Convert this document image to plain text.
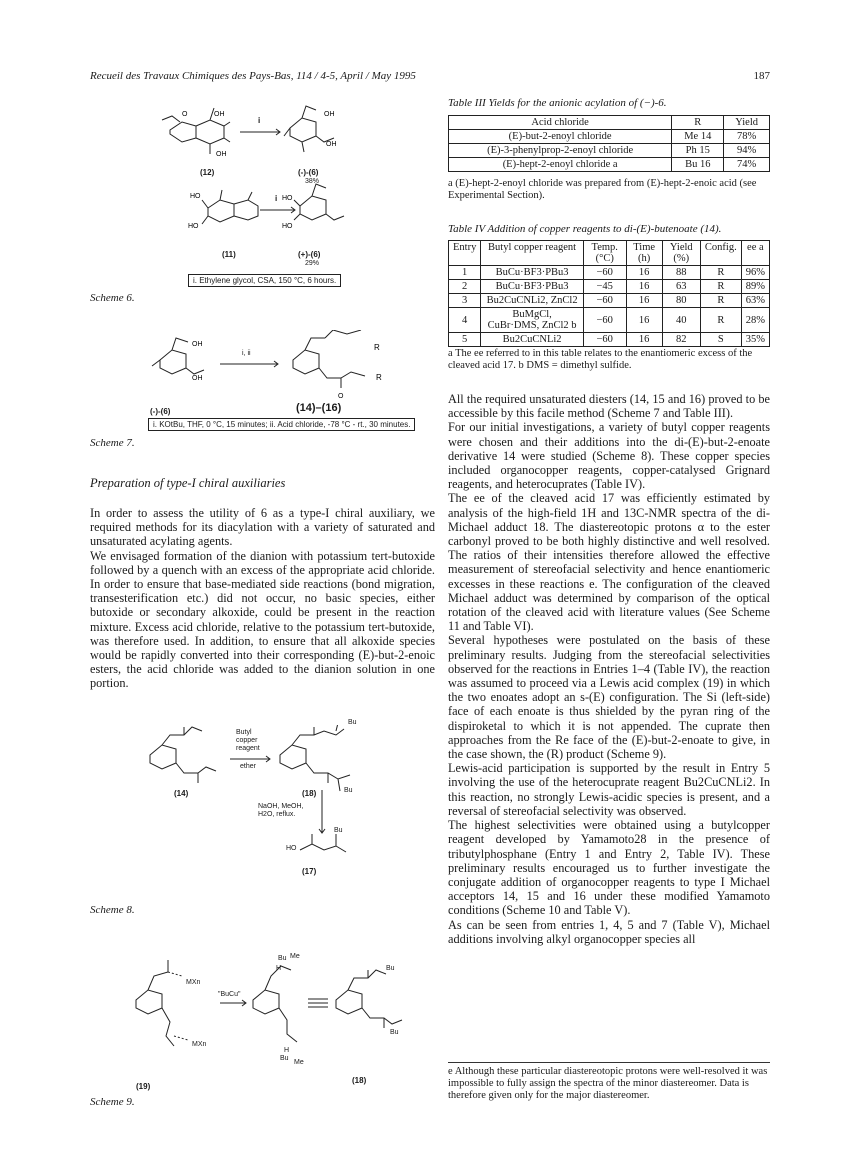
Recueil des Travaux Chimiques des Pays-Bas, 114 / 4-5, April / May 1995	187
O	OH
OH
OH
OH
HO
HO
HO
HO
i
(12)	(-)-(6)
38%
i
(11)	(+)-(6)
29%
i. Ethylene glycol, CSA, 150 °C, 6 hours.
Scheme 6.
OH
OH
R
R
O
i, ii
(-)-(6)	(14)–(16)
i. KOtBu, THF, 0 °C, 15 minutes; ii. Acid chloride, -78 °C - rt., 30 minutes.
Scheme 7.
Preparation of type-I chiral auxiliaries

In order to assess the utility of 6 as a type-I chiral auxiliary, we required methods for its diacylation with a variety of saturated and unsaturated acylating agents.

We envisaged formation of the dianion with potassium tert-butoxide followed by a quench with an excess of the appropriate acid chloride. In order to ensure that base-mediated side reactions (bond migration, transesterification etc.) did not occur, no basic species, either butoxide or secondary alkoxide, could be present in the reaction mixture. Excess acid chloride, relative to the potassium tert-butoxide, was therefore used. In addition, to ensure that all alkoxide species would be rapidly converted into their corresponding (E)-but-2-enoic esters, the acid chloride was added to the dianion solution in one portion.

Butyl
copper
reagent
ether
Bu
Bu
NaOH, MeOH,
H2O, reflux.
HO
Bu
(14)	(18)
(17)
Scheme 8.
MXn
MXn
"BuCu"
Bu Me
H
H
Bu
Me
Bu
Bu
(19)
(18)
Scheme 9.
Table III Yields for the anionic acylation of (−)-6.
Acid chloride	R	Yield
(E)-but-2-enoyl chloride	Me 14	78%
(E)-3-phenylprop-2-enoyl chloride	Ph 15	94%
(E)-hept-2-enoyl chloride a	Bu 16	74%
a (E)-hept-2-enoyl chloride was prepared from (E)-hept-2-enoic acid (see Experimental Section).
Table IV Addition of copper reagents to di-(E)-butenoate (14).
Entry	Butyl copper reagent	Temp. (°C)	Time (h)	Yield (%)	Config.	ee a
1	BuCu·BF3·PBu3	−60	16	88	R	96%
2	BuCu·BF3·PBu3	−45	16	63	R	89%
3	Bu2CuCNLi2, ZnCl2	−60	16	80	R	63%
4	BuMgCl, CuBr·DMS, ZnCl2 b	−60	16	40	R	28%
5	Bu2CuCNLi2	−60	16	82	S	35%
a The ee referred to in this table relates to the enantiomeric excess of the cleaved acid 17. b DMS = dimethyl sulfide.

All the required unsaturated diesters (14, 15 and 16) proved to be accessible by this facile method (Scheme 7 and Table III).

For our initial investigations, a variety of butyl copper reagents were chosen and their additions into the di-(E)-but-2-enoate derivative 14 were studied (Scheme 8). These copper species included organocopper reagents, copper-catalysed Grignard reagents, and heterocuprates (Table IV).

The ee of the cleaved acid 17 was efficiently estimated by analysis of the high-field 1H and 13C-NMR spectra of the di-Michael adduct 18. The diastereotopic protons α to the ester carbonyl proved to be both highly distinctive and well resolved. The ratios of their intensities therefore allowed the effective measurement of stereofacial selectivity and hence enantiomeric excesses in these reactions e. The configuration of the cleaved Michael adduct was determined by comparison of the optical rotation of the cleaved acid with literature values (See Scheme 11 and Table VI).

Several hypotheses were postulated on the basis of these preliminary results. Judging from the stereofacial selectivities observed for the reactions in Entries 1–4 (Table IV), the reaction was assumed to proceed via a Lewis acid complex (19) in which the two enoates adopt an s-(E) configuration. The Si (left-side) face of each enoate is thus shielded by the pyran ring of the dispiroketal to which it is not appended. The cuprate then approaches from the Re face of the (E)-but-2-enoate to give, in the case shown, the (R) product (Scheme 9).

Lewis-acid participation is supported by the result in Entry 5 involving the use of the heterocuprate reagent Bu2CuCNLi2. In this reaction, no strongly Lewis-acidic species is present, and a reversal of stereofacial selectivity was observed.

The highest selectivities were obtained using a butylcopper reagent developed by Yamamoto28 in the presence of tributylphosphane (Entry 1 and Entry 2, Table IV). These preliminary results encouraged us to further investigate the conjugate addition of organocopper reagents to type I Michael acceptors 14, 15 and 16 under these modified Yamamoto conditions (Scheme 10 and Table V).

As can be seen from entries 1, 4, 5 and 7 (Table V), Michael additions involving alkyl organocopper species all

e Although these particular diastereotopic protons were well-resolved it was impossible to fully assign the spectra of the minor diastereomer. Data is therefore given only for the major diastereomer.
